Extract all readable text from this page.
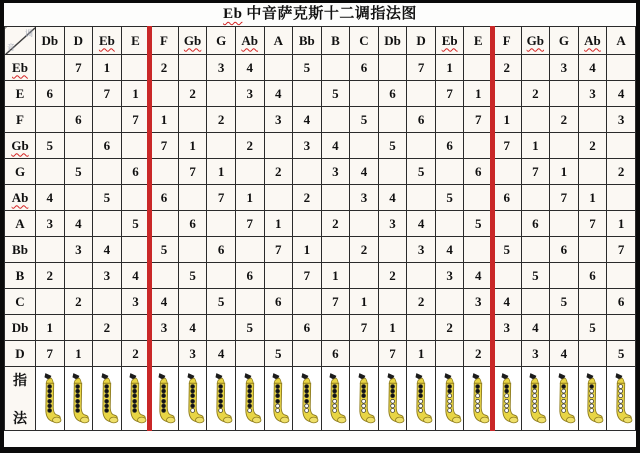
Eb 中音萨克斯十二调指法图
调
音	Db	D	Eb	E	F	Gb	G	Ab	A	Bb	B	C	Db	D	Eb	E	F	Gb	G	Ab	A
Eb		7	1		2		3	4		5		6		7	1		2		3	4	
E	6		7	1		2		3	4		5		6		7	1		2		3	4
F		6		7	1		2		3	4		5		6		7	1		2		3
Gb	5		6		7	1		2		3	4		5		6		7	1		2	
G		5		6		7	1		2		3	4		5		6		7	1		2
Ab	4		5		6		7	1		2		3	4		5		6		7	1	
A	3	4		5		6		7	1		2		3	4		5		6		7	1
Bb		3	4		5		6		7	1		2		3	4		5		6		7
B	2		3	4		5		6		7	1		2		3	4		5		6	
C		2		3	4		5		6		7	1		2		3	4		5		6
Db	1		2		3	4		5		6		7	1		2		3	4		5	
D	7	1		2		3	4		5		6		7	1		2		3	4		5

指
法
